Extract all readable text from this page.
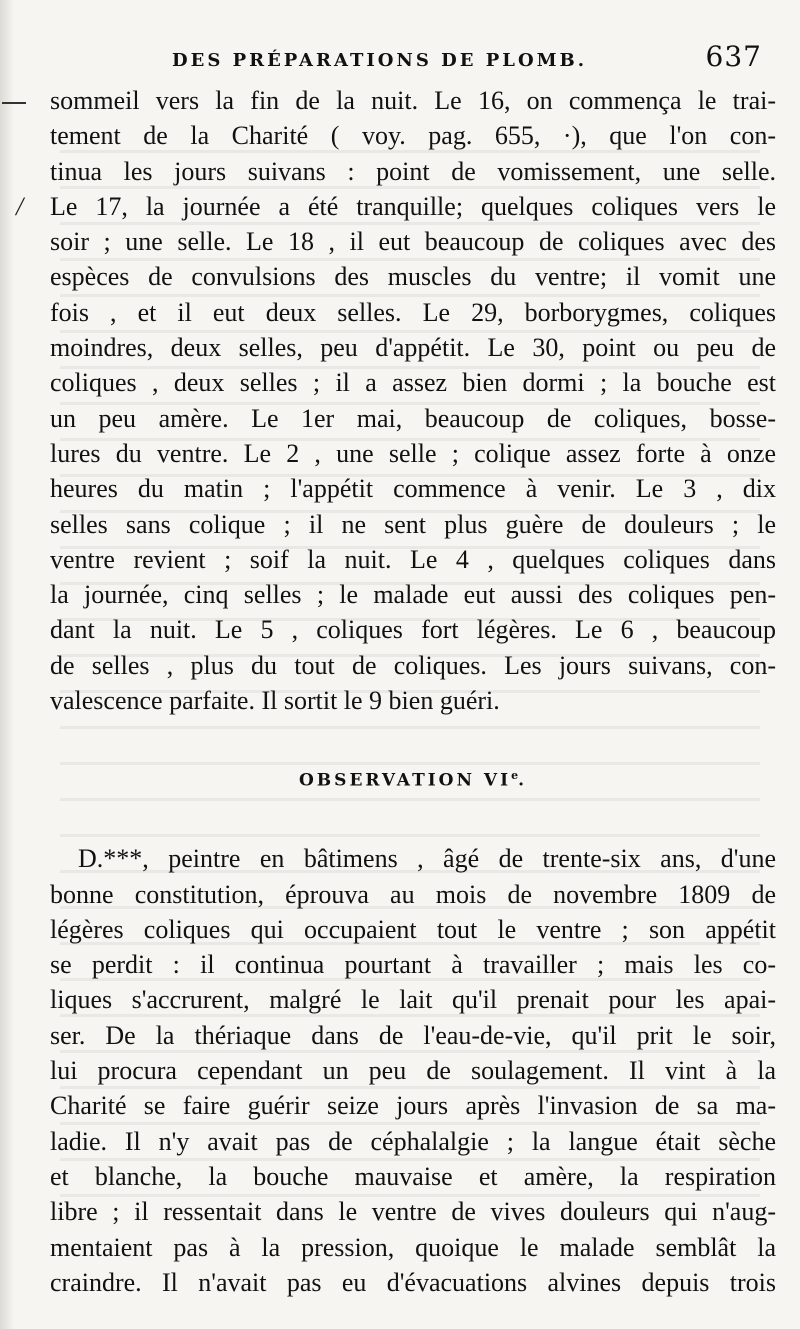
/
DES PRÉPARATIONS DE PLOMB.	637
sommeil vers la fin de la nuit. Le 16, on commença le trai-
tement de la Charité ( voy. pag. 655, ·), que l'on con-
tinua les jours suivans : point de vomissement, une selle.
Le 17, la journée a été tranquille; quelques coliques vers le
soir ; une selle. Le 18 , il eut beaucoup de coliques avec des
espèces de convulsions des muscles du ventre; il vomit une
fois , et il eut deux selles. Le 29, borborygmes, coliques
moindres, deux selles, peu d'appétit. Le 30, point ou peu de
coliques , deux selles ; il a assez bien dormi ; la bouche est
un peu amère. Le 1er mai, beaucoup de coliques, bosse-
lures du ventre. Le 2 , une selle ; colique assez forte à onze
heures du matin ; l'appétit commence à venir. Le 3 , dix
selles sans colique ; il ne sent plus guère de douleurs ; le
ventre revient ; soif la nuit. Le 4 , quelques coliques dans
la journée, cinq selles ; le malade eut aussi des coliques pen-
dant la nuit. Le 5 , coliques fort légères. Le 6 , beaucoup
de selles , plus du tout de coliques. Les jours suivans, con-
valescence parfaite. Il sortit le 9 bien guéri.
OBSERVATION VIe.
D.***, peintre en bâtimens , âgé de trente-six ans, d'une
bonne constitution, éprouva au mois de novembre 1809 de
légères coliques qui occupaient tout le ventre ; son appétit
se perdit : il continua pourtant à travailler ; mais les co-
liques s'accrurent, malgré le lait qu'il prenait pour les apai-
ser. De la thériaque dans de l'eau-de-vie, qu'il prit le soir,
lui procura cependant un peu de soulagement. Il vint à la
Charité se faire guérir seize jours après l'invasion de sa ma-
ladie. Il n'y avait pas de céphalalgie ; la langue était sèche
et blanche, la bouche mauvaise et amère, la respiration
libre ; il ressentait dans le ventre de vives douleurs qui n'aug-
mentaient pas à la pression, quoique le malade semblât la
craindre. Il n'avait pas eu d'évacuations alvines depuis trois
